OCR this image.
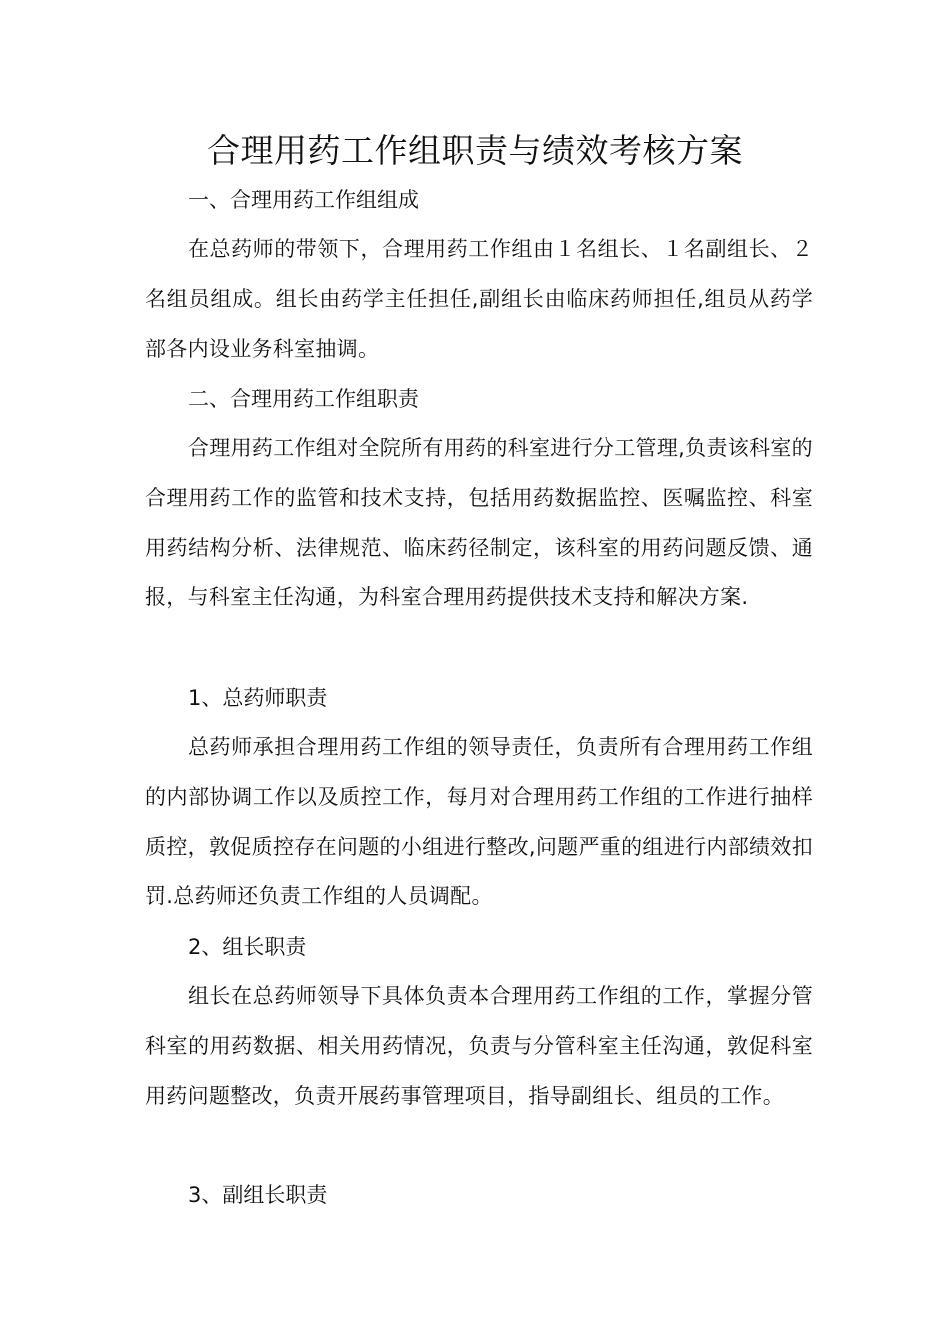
合理用药工作组职责与绩效考核方案
一、合理用药工作组组成
在总药师的带领下，合理用药工作组由１名组长、１名副组长、２名组员组成。组长由药学主任担任,副组长由临床药师担任,组员从药学部各内设业务科室抽调。
二、合理用药工作组职责
合理用药工作组对全院所有用药的科室进行分工管理,负责该科室的合理用药工作的监管和技术支持，包括用药数据监控、医嘱监控、科室用药结构分析、法律规范、临床药径制定，该科室的用药问题反馈、通报，与科室主任沟通，为科室合理用药提供技术支持和解决方案.
1、总药师职责
总药师承担合理用药工作组的领导责任，负责所有合理用药工作组的内部协调工作以及质控工作，每月对合理用药工作组的工作进行抽样质控，敦促质控存在问题的小组进行整改,问题严重的组进行内部绩效扣罚.总药师还负责工作组的人员调配。
2、组长职责
组长在总药师领导下具体负责本合理用药工作组的工作，掌握分管科室的用药数据、相关用药情况，负责与分管科室主任沟通，敦促科室用药问题整改，负责开展药事管理项目，指导副组长、组员的工作。
3、副组长职责
